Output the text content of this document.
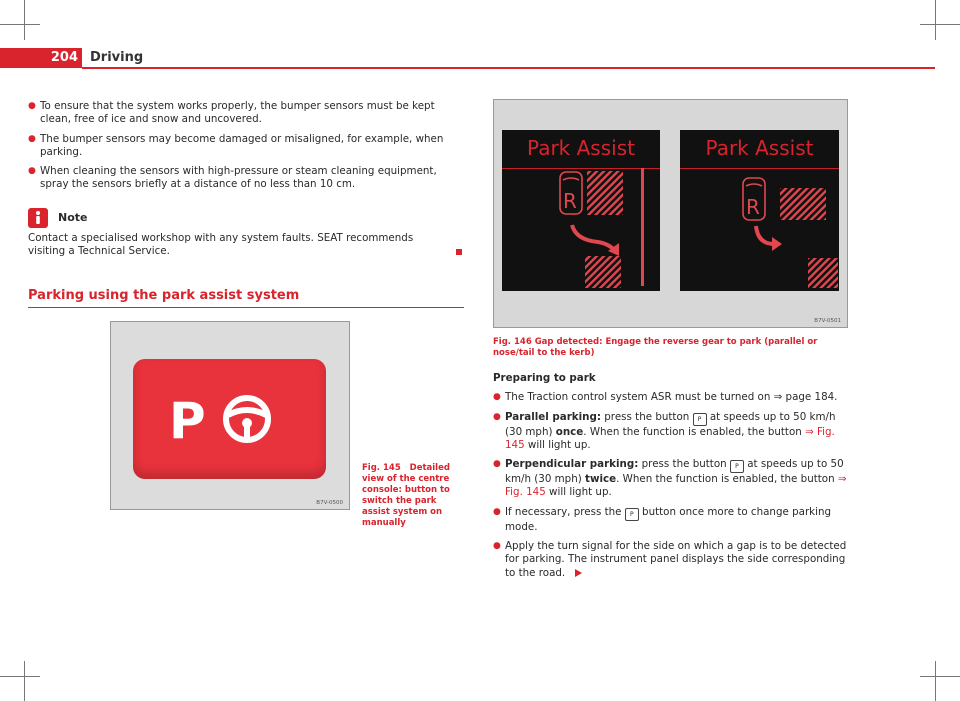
204 Driving
● To ensure that the system works properly, the bumper sensors must be kept clean, free of ice and snow and uncovered.
● The bumper sensors may become damaged or misaligned, for example, when parking.
● When cleaning the sensors with high-pressure or steam cleaning equipment, spray the sensors briefly at a distance of no less than 10 cm.
Note
Contact a specialised workshop with any system faults. SEAT recommends visiting a Technical Service.
Parking using the park assist system
P
B7V-0500
Fig. 145 Detailed view of the centre console: button to switch the park assist system on manually
Park Assist
R
Park Assist
R
B7V-0501
Fig. 146 Gap detected: Engage the reverse gear to park (parallel or nose/tail to the kerb)
Preparing to park
● The Traction control system ASR must be turned on ⇒ page 184.
● Parallel parking: press the button P at speeds up to 50 km/h (30 mph) once. When the function is enabled, the button ⇒ Fig. 145 will light up.
● Perpendicular parking: press the button P at speeds up to 50 km/h (30 mph) twice. When the function is enabled, the button ⇒ Fig. 145 will light up.
● If necessary, press the P button once more to change parking mode.
● Apply the turn signal for the side on which a gap is to be detected for parking. The instrument panel displays the side corresponding to the road.
